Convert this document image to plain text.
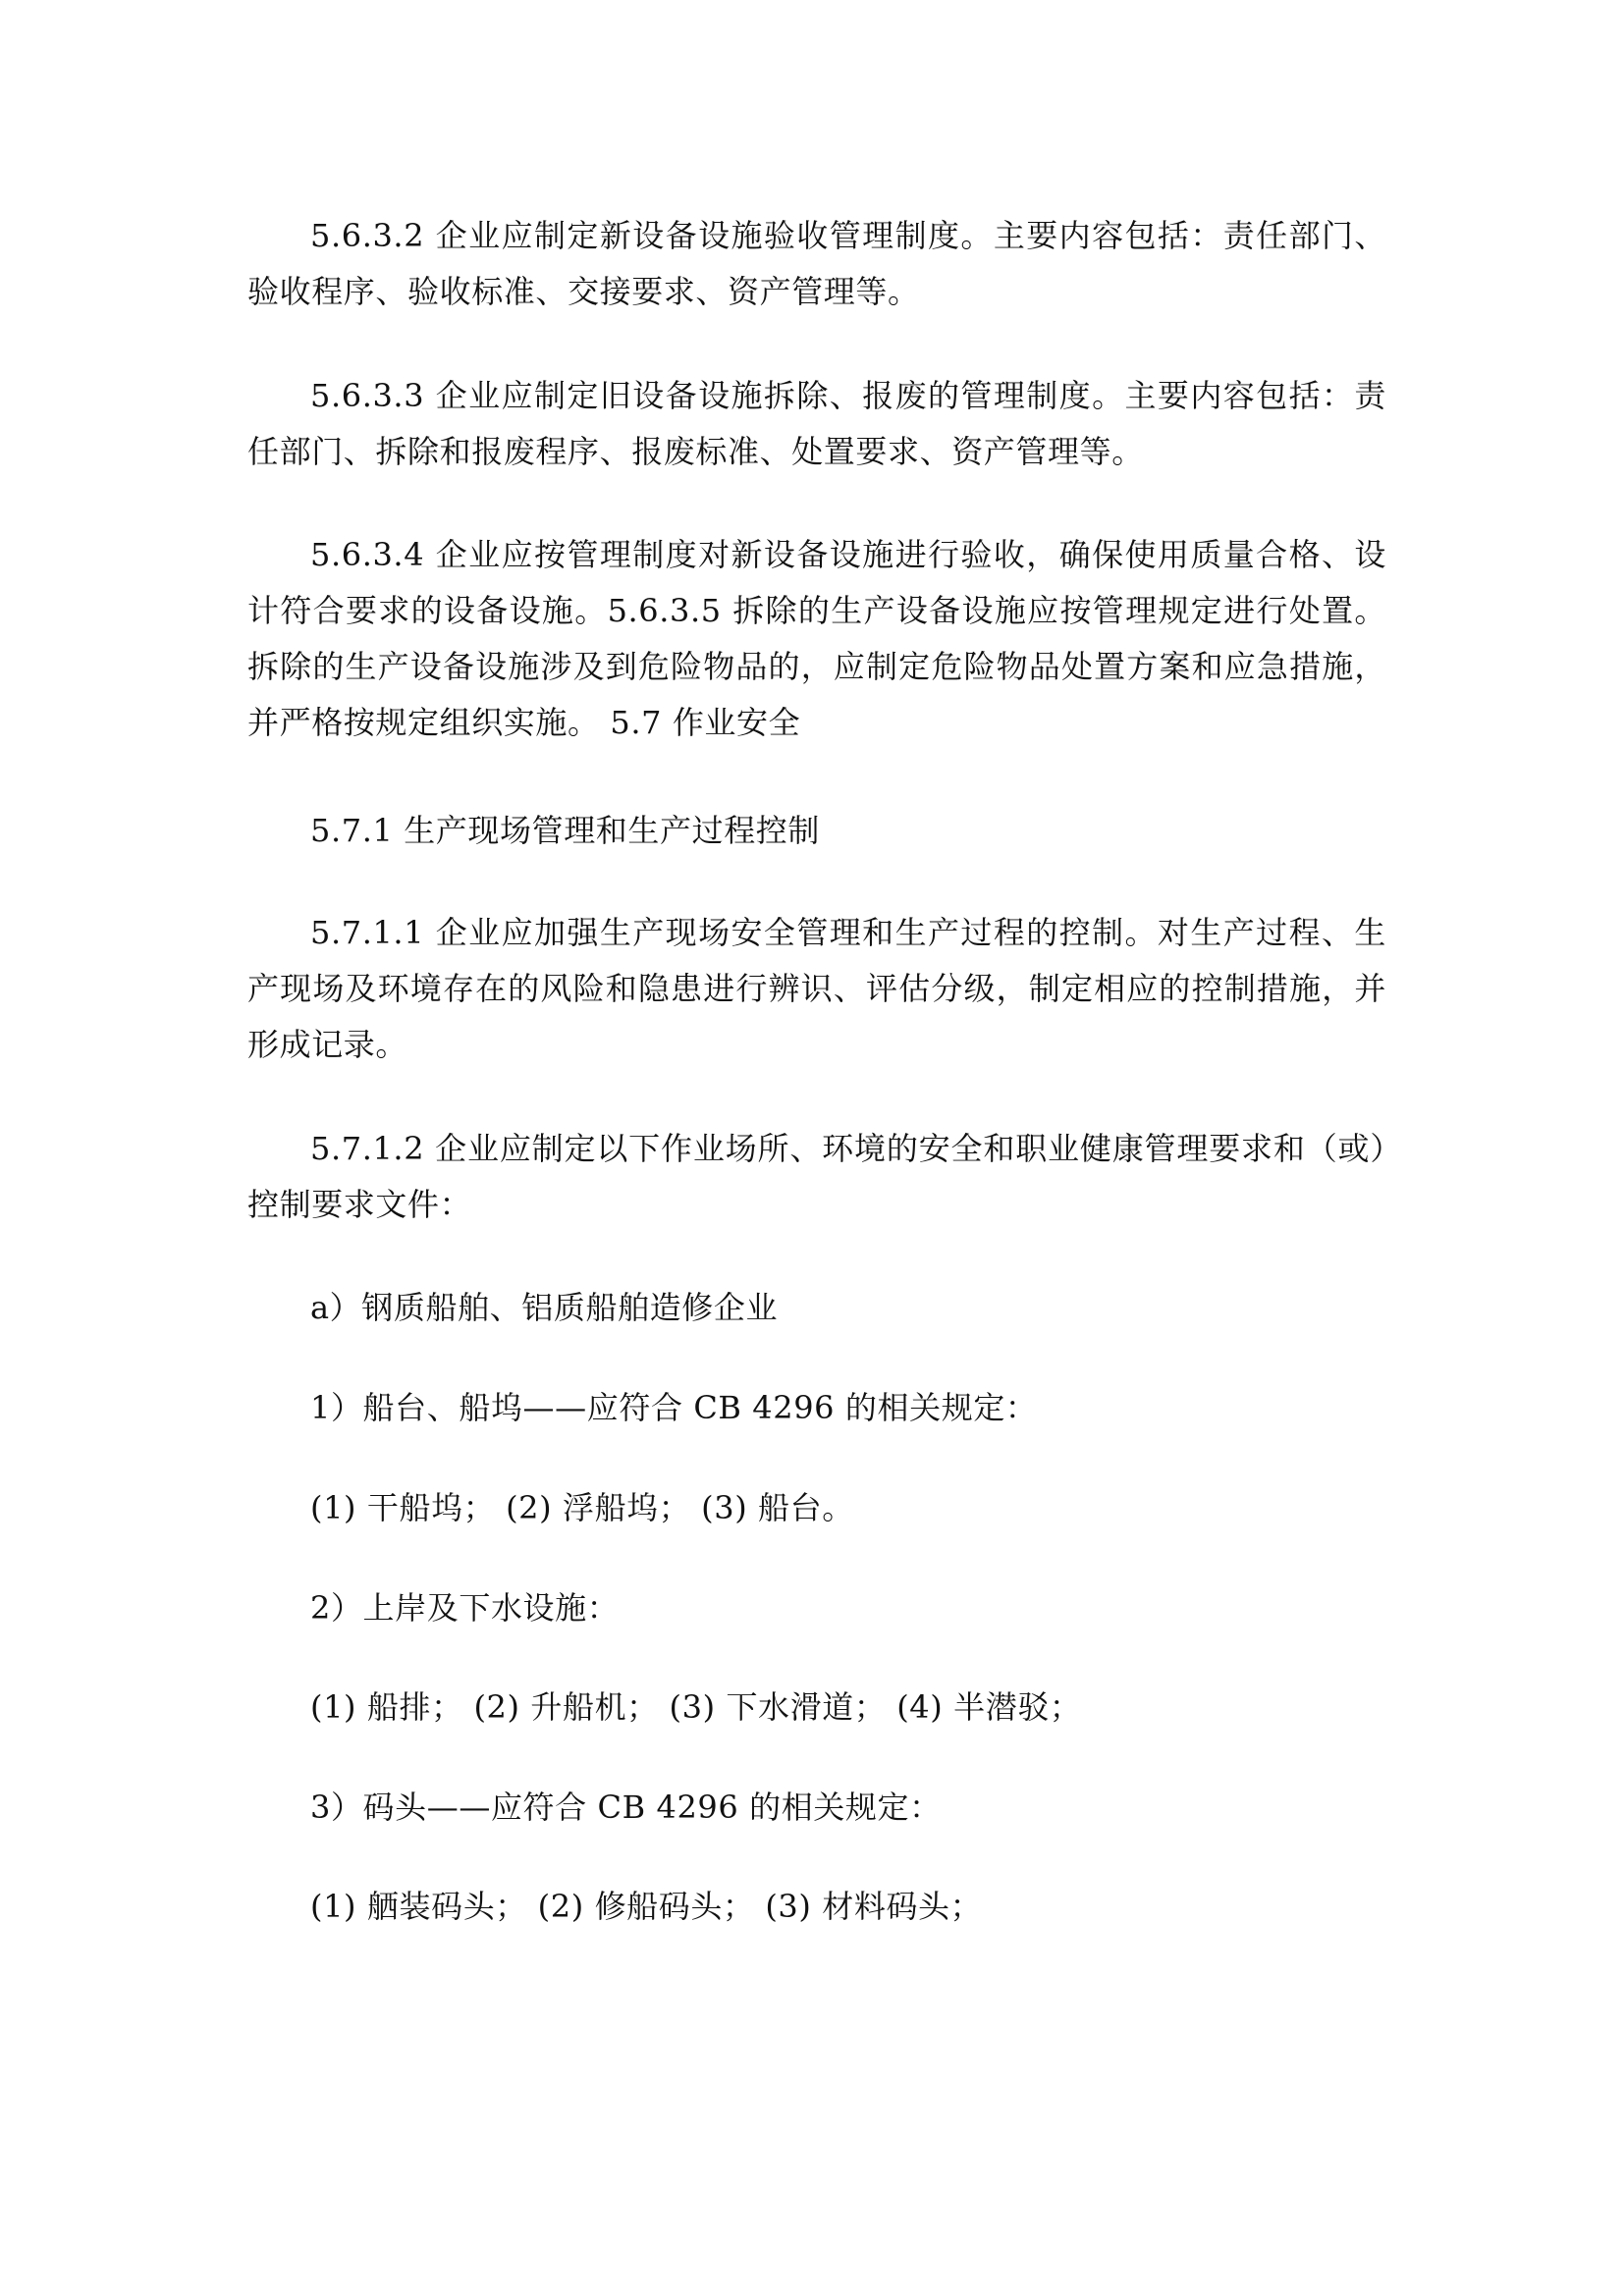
5.6.3.2 企业应制定新设备设施验收管理制度。主要内容包括：责任部门、验收程序、验收标准、交接要求、资产管理等。

5.6.3.3 企业应制定旧设备设施拆除、报废的管理制度。主要内容包括：责任部门、拆除和报废程序、报废标准、处置要求、资产管理等。

5.6.3.4 企业应按管理制度对新设备设施进行验收，确保使用质量合格、设计符合要求的设备设施。5.6.3.5 拆除的生产设备设施应按管理规定进行处置。拆除的生产设备设施涉及到危险物品的，应制定危险物品处置方案和应急措施，并严格按规定组织实施。 5.7 作业安全

5.7.1 生产现场管理和生产过程控制

5.7.1.1 企业应加强生产现场安全管理和生产过程的控制。对生产过程、生产现场及环境存在的风险和隐患进行辨识、评估分级，制定相应的控制措施，并形成记录。

5.7.1.2 企业应制定以下作业场所、环境的安全和职业健康管理要求和（或）控制要求文件：

a）钢质船舶、铝质船舶造修企业

1）船台、船坞——应符合 CB 4296 的相关规定：

(1) 干船坞； (2) 浮船坞； (3) 船台。

2）上岸及下水设施：

(1) 船排； (2) 升船机； (3) 下水滑道； (4) 半潜驳；

3）码头——应符合 CB 4296 的相关规定：

(1) 舾装码头； (2) 修船码头； (3) 材料码头；
